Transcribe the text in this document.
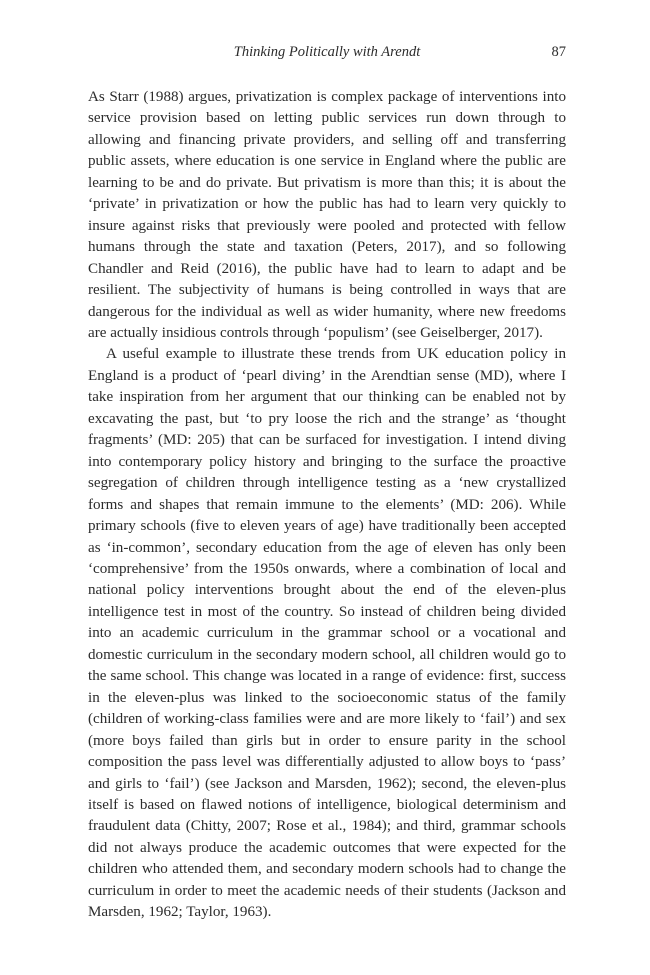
Thinking Politically with Arendt	87

As Starr (1988) argues, privatization is complex package of interventions into service provision based on letting public services run down through to allowing and financing private providers, and selling off and transferring public assets, where education is one service in England where the public are learning to be and do private. But privatism is more than this; it is about the ‘private’ in privatization or how the public has had to learn very quickly to insure against risks that previously were pooled and protected with fellow humans through the state and taxation (Peters, 2017), and so following Chandler and Reid (2016), the public have had to learn to adapt and be resilient. The subjectivity of humans is being controlled in ways that are dangerous for the individual as well as wider humanity, where new freedoms are actually insidious controls through ‘populism’ (see Geiselberger, 2017).

A useful example to illustrate these trends from UK education policy in England is a product of ‘pearl diving’ in the Arendtian sense (MD), where I take inspiration from her argument that our thinking can be enabled not by excavating the past, but ‘to pry loose the rich and the strange’ as ‘thought fragments’ (MD: 205) that can be surfaced for investigation. I intend diving into contemporary policy history and bringing to the surface the proactive segregation of children through intelligence testing as a ‘new crystallized forms and shapes that remain immune to the elements’ (MD: 206). While primary schools (five to eleven years of age) have traditionally been accepted as ‘in-common’, secondary education from the age of eleven has only been ‘comprehensive’ from the 1950s onwards, where a combination of local and national policy interventions brought about the end of the eleven-plus intelligence test in most of the country. So instead of children being divided into an academic curriculum in the grammar school or a vocational and domestic curriculum in the secondary modern school, all children would go to the same school. This change was located in a range of evidence: first, success in the eleven-plus was linked to the socioeconomic status of the family (children of working-class families were and are more likely to ‘fail’) and sex (more boys failed than girls but in order to ensure parity in the school composition the pass level was differentially adjusted to allow boys to ‘pass’ and girls to ‘fail’) (see Jackson and Marsden, 1962); second, the eleven-plus itself is based on flawed notions of intelligence, biological determinism and fraudulent data (Chitty, 2007; Rose et al., 1984); and third, grammar schools did not always produce the academic outcomes that were expected for the children who attended them, and secondary modern schools had to change the curriculum in order to meet the academic needs of their students (Jackson and Marsden, 1962; Taylor, 1963).
